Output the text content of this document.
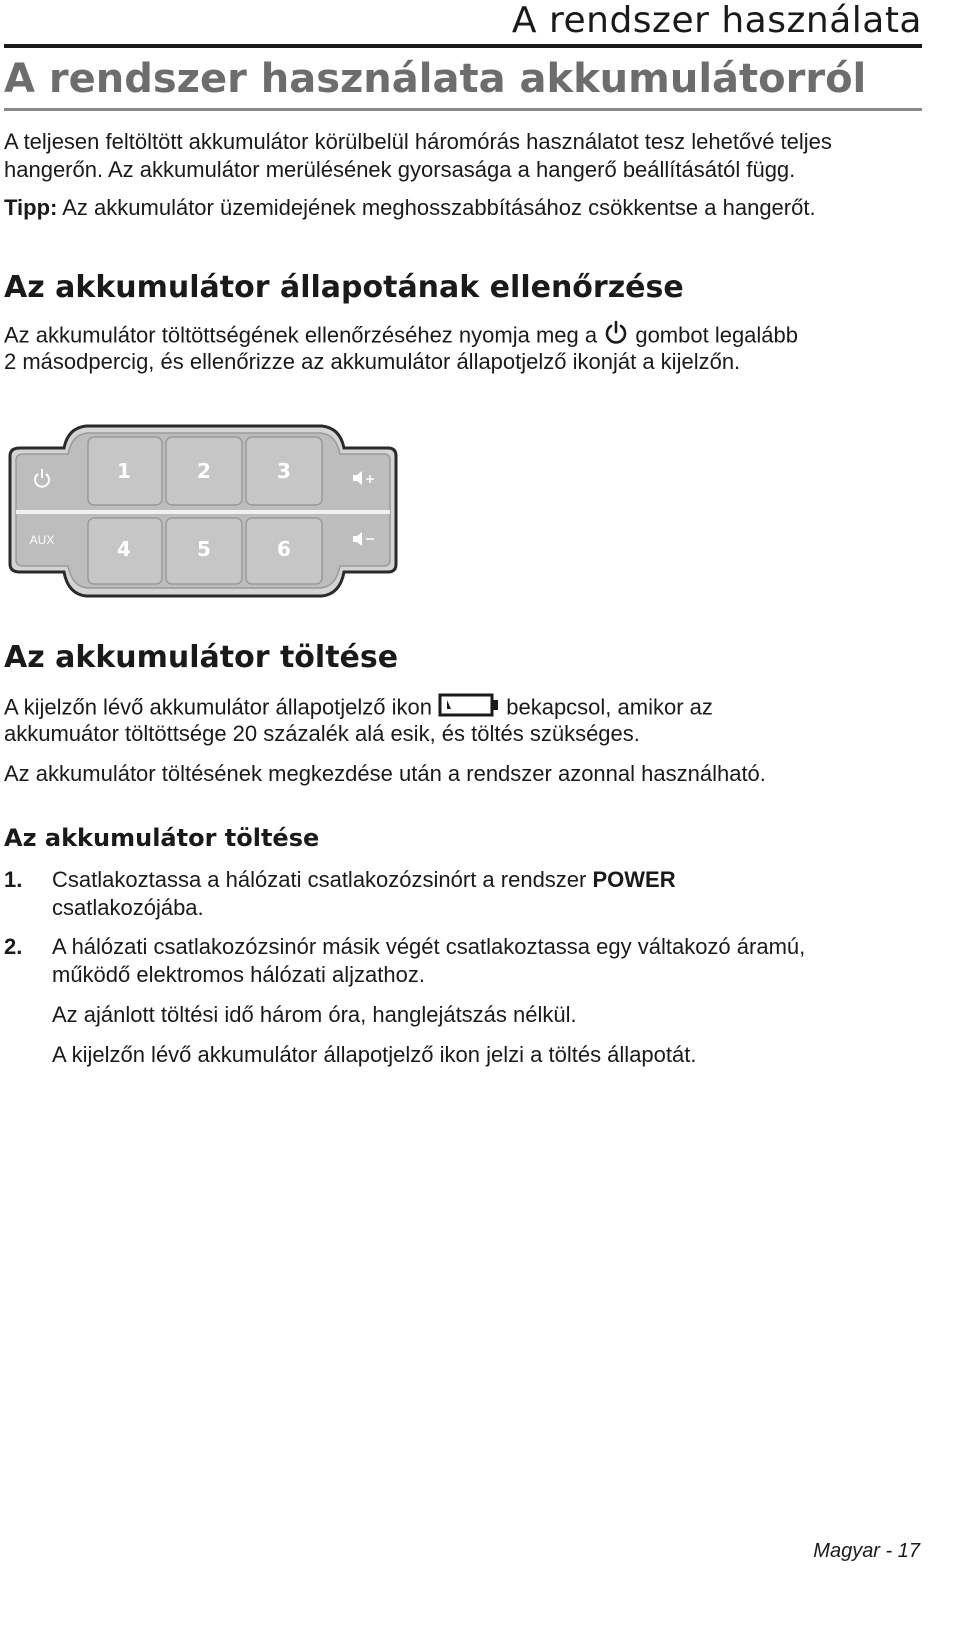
A rendszer használata
A rendszer használata akkumulátorról

A teljesen feltöltött akkumulátor körülbelül háromórás használatot tesz lehetővé teljes

hangerőn. Az akkumulátor merülésének gyorsasága a hangerő beállításától függ.

Tipp: Az akkumulátor üzemidejének meghosszabbításához csökkentse a hangerőt.

Az akkumulátor állapotának ellenőrzése

Az akkumulátor töltöttségének ellenőrzéséhez nyomja meg a  gombot legalább

2 másodpercig, és ellenőrizze az akkumulátor állapotjelző ikonját a kijelzőn.

1	2	3
4	5	6
AUX
Az akkumulátor töltése

A kijelzőn lévő akkumulátor állapotjelző ikon	bekapcsol, amikor az

akkumuátor töltöttsége 20 százalék alá esik, és töltés szükséges.

Az akkumulátor töltésének megkezdése után a rendszer azonnal használható.

Az akkumulátor töltése
1. Csatlakoztassa a hálózati csatlakozózsinórt a rendszer POWER
csatlakozójába.
2. A hálózati csatlakozózsinór másik végét csatlakoztassa egy váltakozó áramú,
működő elektromos hálózati aljzathoz.

Az ajánlott töltési idő három óra, hanglejátszás nélkül.

A kijelzőn lévő akkumulátor állapotjelző ikon jelzi a töltés állapotát.

Magyar - 17
